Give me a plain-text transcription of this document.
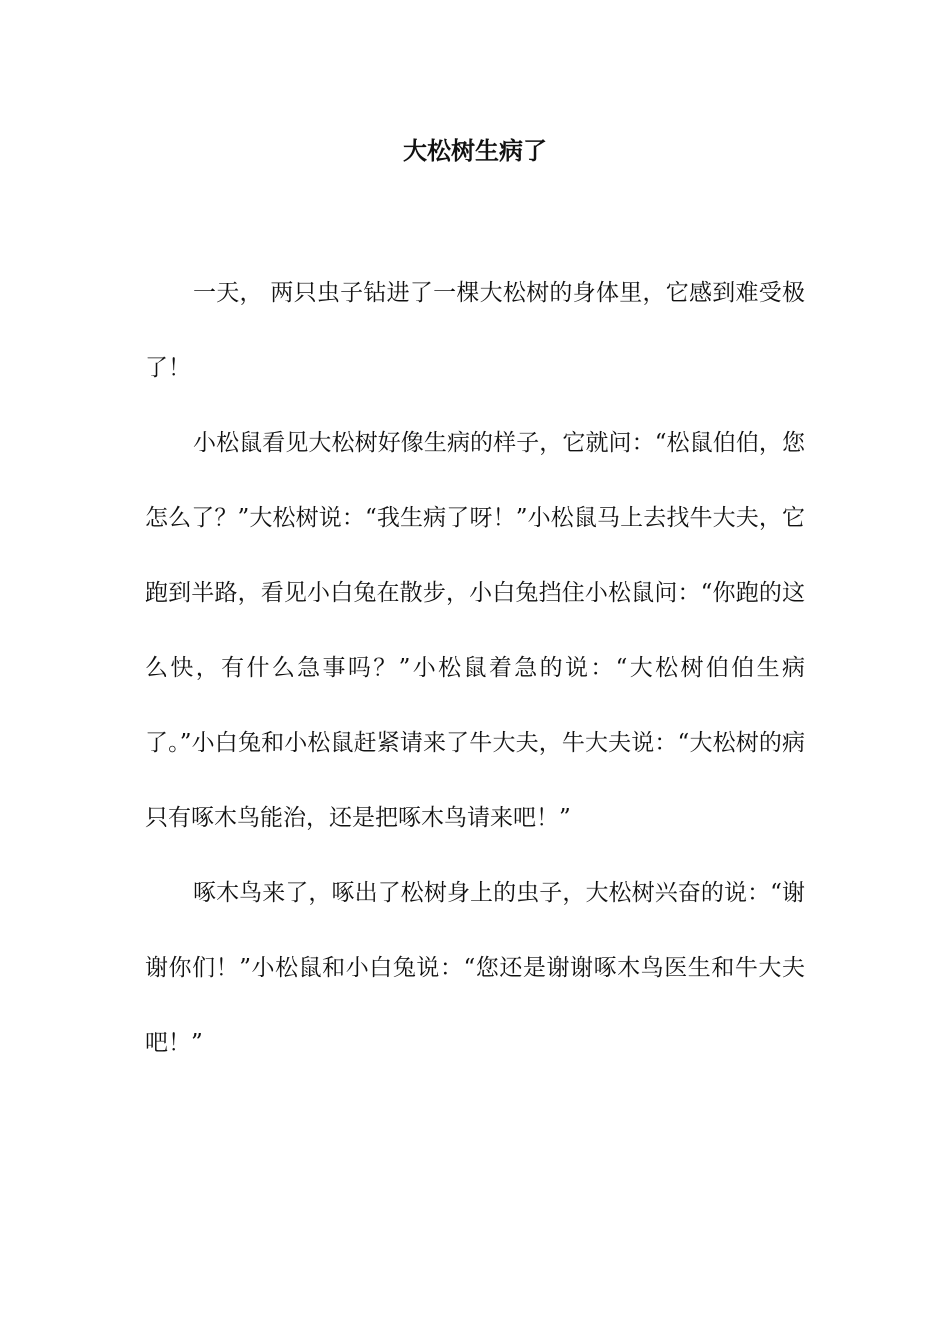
大松树生病了

一天， 两只虫子钻进了一棵大松树的身体里，它感到难受极了！

小松鼠看见大松树好像生病的样子，它就问：“松鼠伯伯，您怎么了？”大松树说：“我生病了呀！”小松鼠马上去找牛大夫，它跑到半路，看见小白兔在散步，小白兔挡住小松鼠问：“你跑的这么快，有什么急事吗？”小松鼠着急的说：“大松树伯伯生病了。”小白兔和小松鼠赶紧请来了牛大夫，牛大夫说：“大松树的病只有啄木鸟能治，还是把啄木鸟请来吧！”

啄木鸟来了，啄出了松树身上的虫子，大松树兴奋的说：“谢谢你们！”小松鼠和小白兔说：“您还是谢谢啄木鸟医生和牛大夫吧！”
